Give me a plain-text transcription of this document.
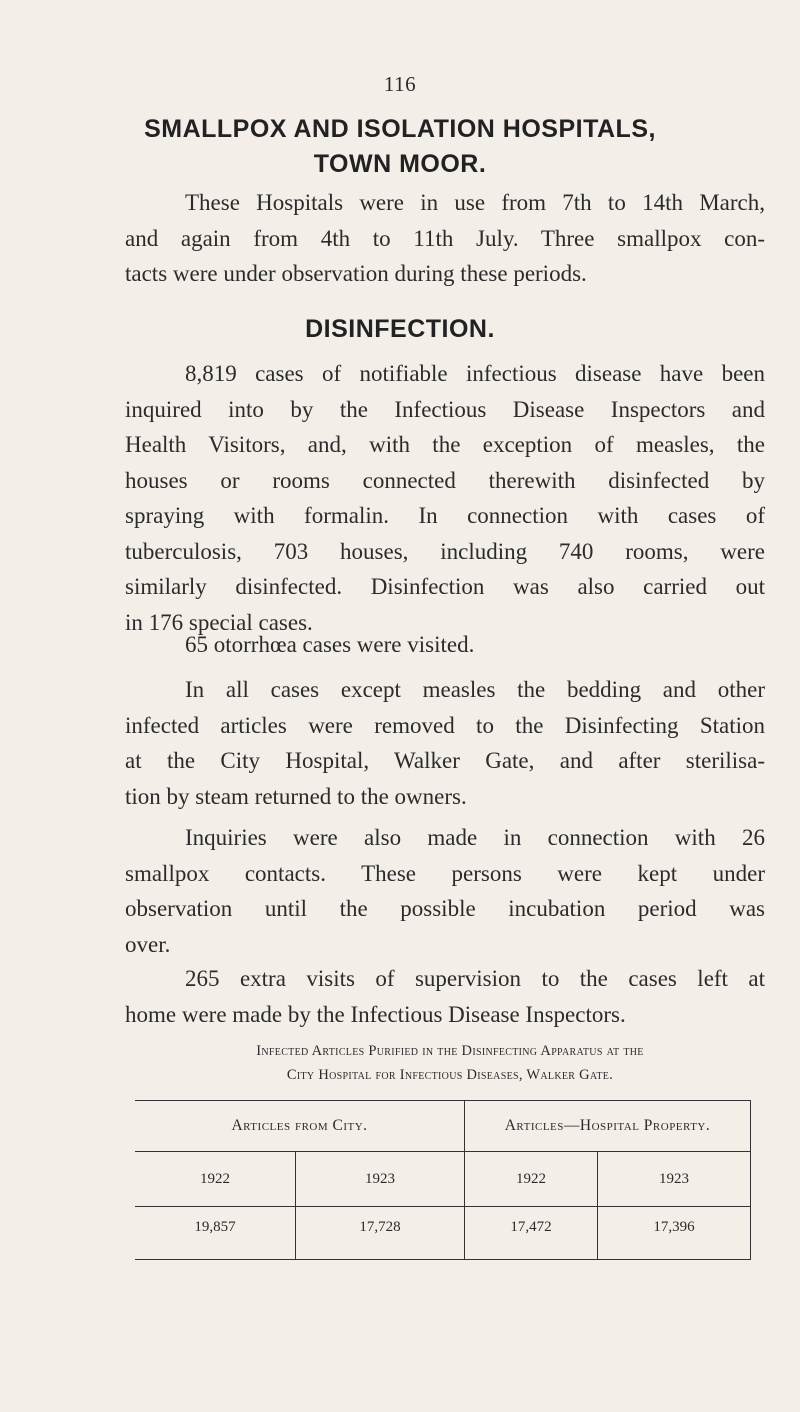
116
SMALLPOX AND ISOLATION HOSPITALS,
TOWN MOOR.
These Hospitals were in use from 7th to 14th March,
and again from 4th to 11th July. Three smallpox con-
tacts were under observation during these periods.
DISINFECTION.
8,819 cases of notifiable infectious disease have been
inquired into by the Infectious Disease Inspectors and
Health Visitors, and, with the exception of measles, the
houses or rooms connected therewith disinfected by
spraying with formalin. In connection with cases of
tuberculosis, 703 houses, including 740 rooms, were
similarly disinfected. Disinfection was also carried out
in 176 special cases.
65 otorrhœa cases were visited.
In all cases except measles the bedding and other
infected articles were removed to the Disinfecting Station
at the City Hospital, Walker Gate, and after sterilisa-
tion by steam returned to the owners.
Inquiries were also made in connection with 26
smallpox contacts. These persons were kept under
observation until the possible incubation period was
over.
265 extra visits of supervision to the cases left at
home were made by the Infectious Disease Inspectors.
Infected Articles Purified in the Disinfecting Apparatus at the
City Hospital for Infectious Diseases, Walker Gate.
Articles from City.		Articles—Hospital Property.	
1922	1923	1922	1923
19,857	17,728	17,472	17,396
